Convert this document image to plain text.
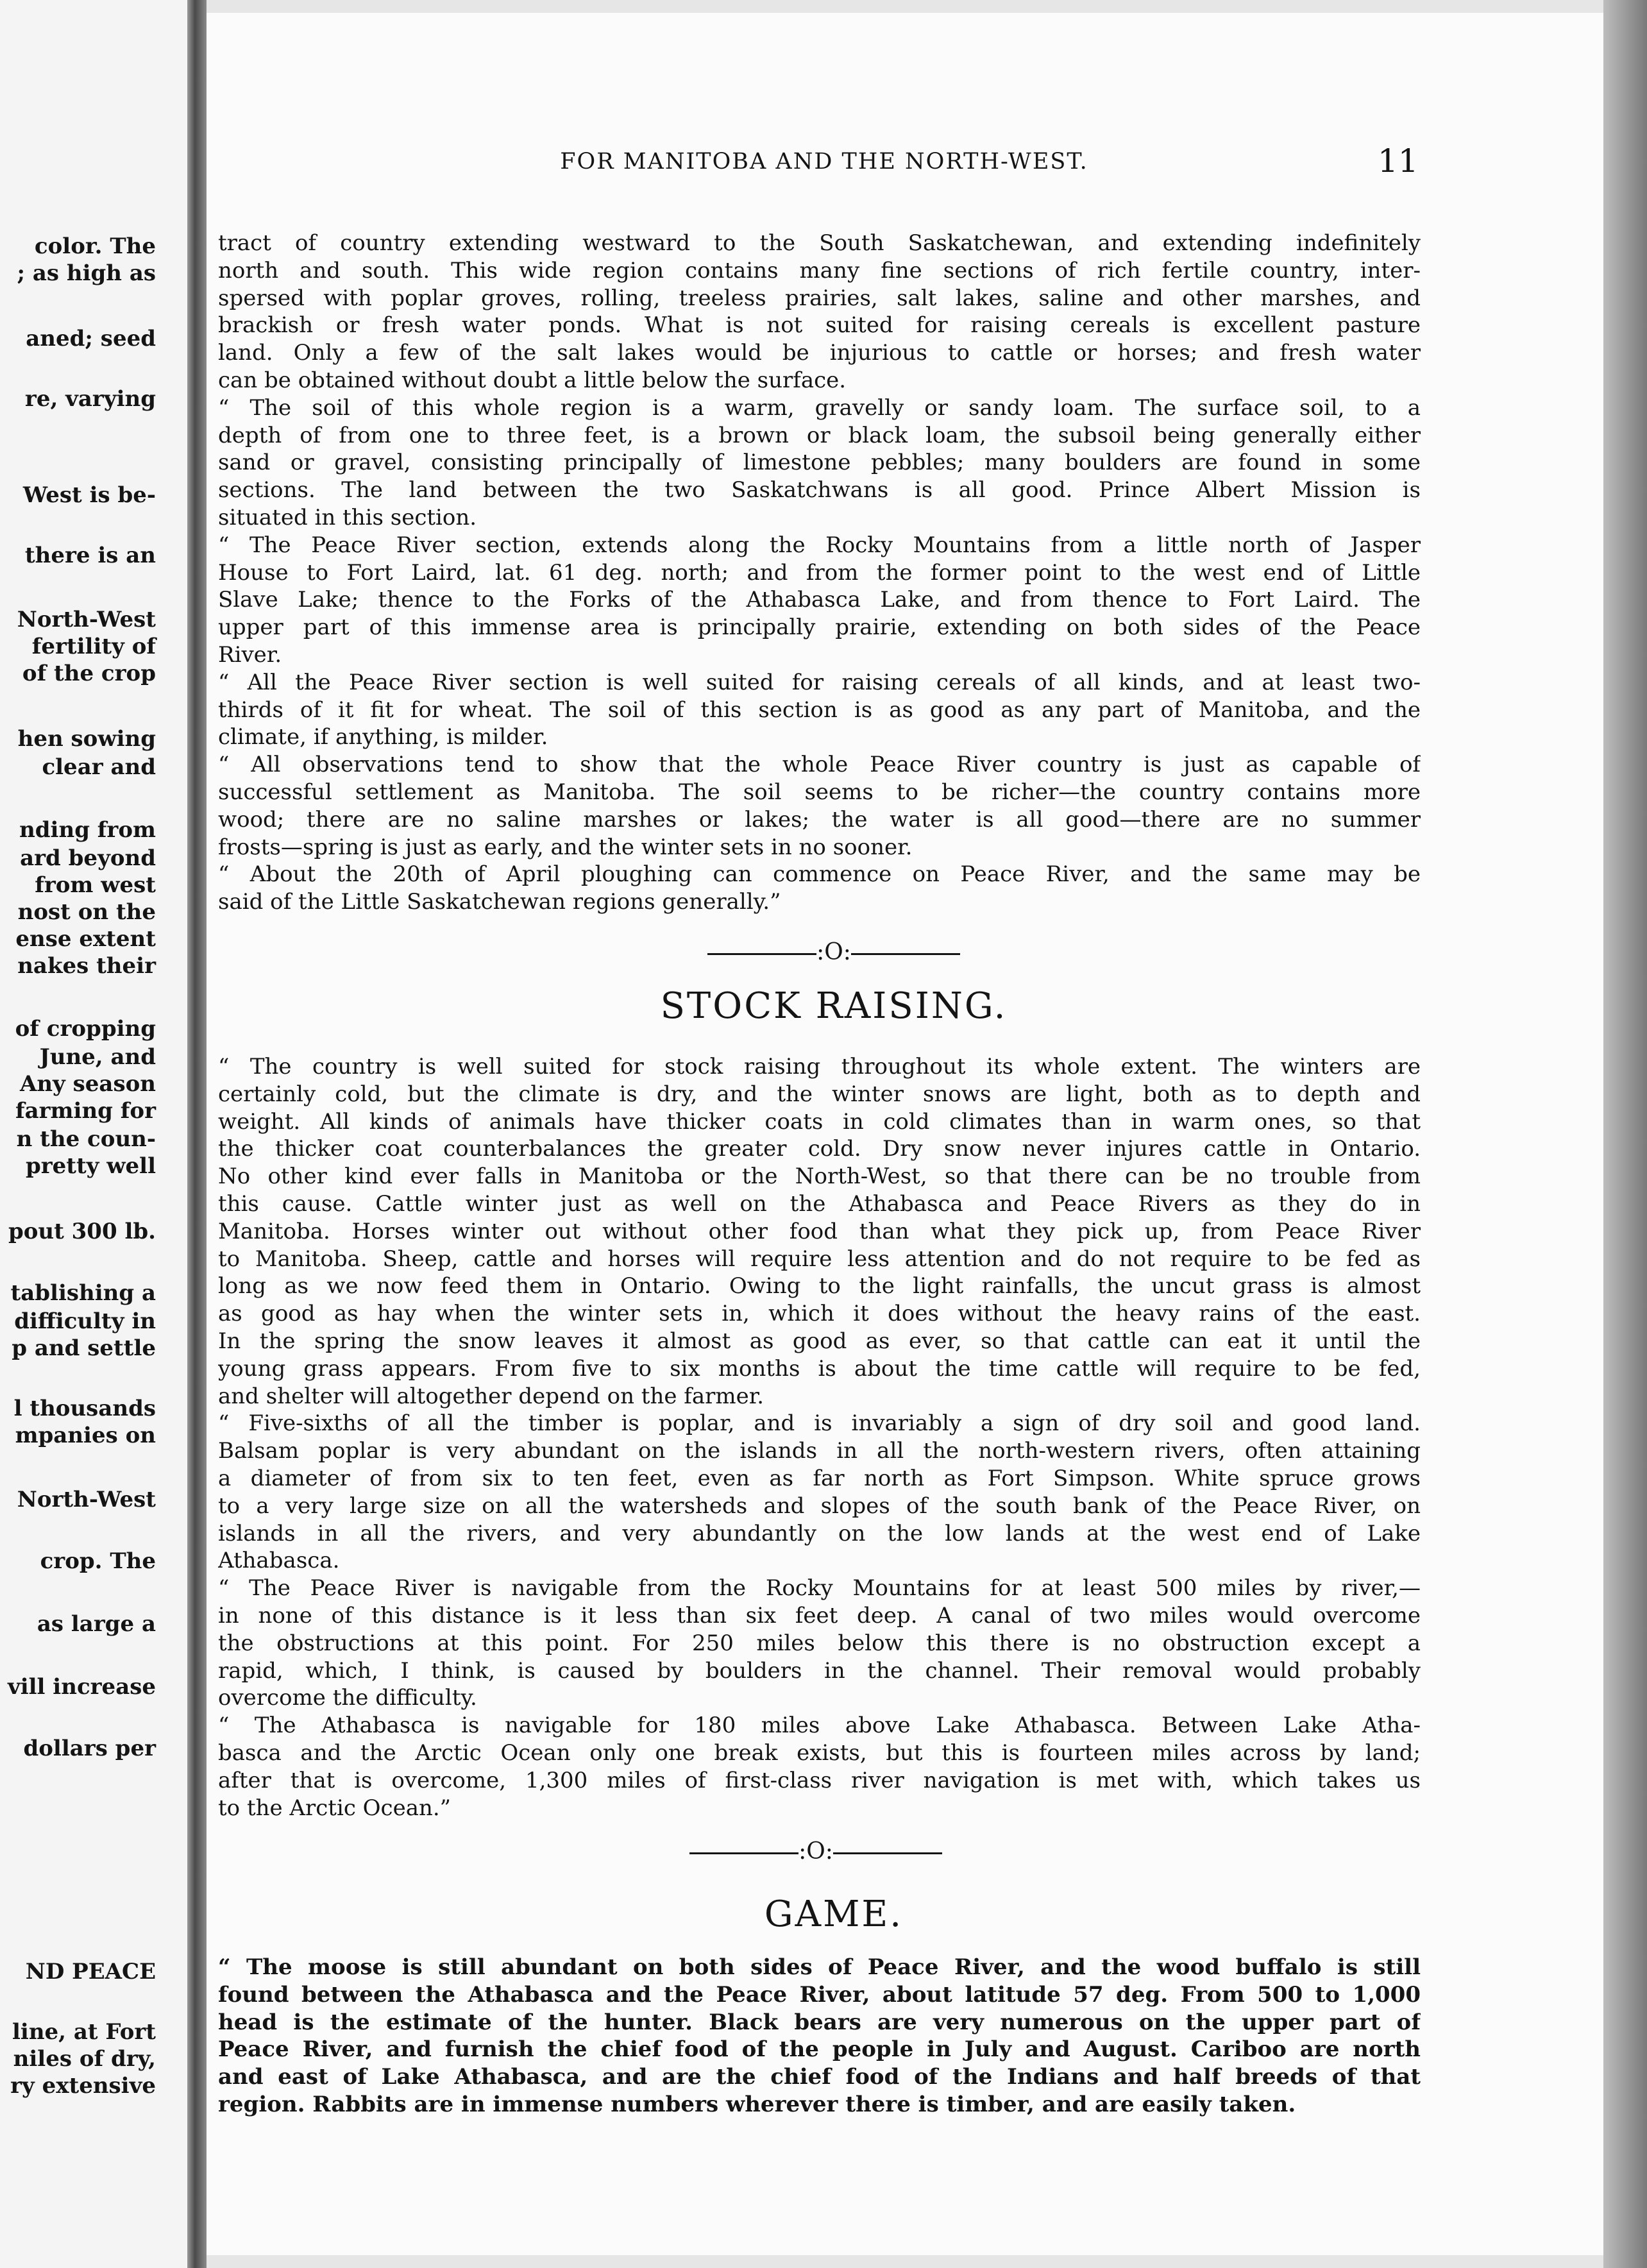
color. The
; as high as
aned; seed
re, varying
West is be-
there is an
North-West
fertility of
of the crop
hen sowing
clear and
nding from
ard beyond
from west
nost on the
ense extent
nakes their
of cropping
June, and
Any season
farming for
n the coun-
pretty well
pout 300 lb.
tablishing a
difficulty in
p and settle
l thousands
mpanies on
North-West
crop. The
as large a
vill increase
dollars per
ND PEACE
line, at Fort
niles of dry,
ry extensive
FOR MANITOBA AND THE NORTH-WEST.	11
tract of country extending westward to the South Saskatchewan, and extending indefinitely
north and south. This wide region contains many fine sections of rich fertile country, inter-
spersed with poplar groves, rolling, treeless prairies, salt lakes, saline and other marshes, and
brackish or fresh water ponds. What is not suited for raising cereals is excellent pasture
land. Only a few of the salt lakes would be injurious to cattle or horses; and fresh water
can be obtained without doubt a little below the surface.
“ The soil of this whole region is a warm, gravelly or sandy loam. The surface soil, to a
depth of from one to three feet, is a brown or black loam, the subsoil being generally either
sand or gravel, consisting principally of limestone pebbles; many boulders are found in some
sections. The land between the two Saskatchwans is all good. Prince Albert Mission is
situated in this section.
“ The Peace River section, extends along the Rocky Mountains from a little north of Jasper
House to Fort Laird, lat. 61 deg. north; and from the former point to the west end of Little
Slave Lake; thence to the Forks of the Athabasca Lake, and from thence to Fort Laird. The
upper part of this immense area is principally prairie, extending on both sides of the Peace
River.
“ All the Peace River section is well suited for raising cereals of all kinds, and at least two-
thirds of it fit for wheat. The soil of this section is as good as any part of Manitoba, and the
climate, if anything, is milder.
“ All observations tend to show that the whole Peace River country is just as capable of
successful settlement as Manitoba. The soil seems to be richer—the country contains more
wood; there are no saline marshes or lakes; the water is all good—there are no summer
frosts—spring is just as early, and the winter sets in no sooner.
“ About the 20th of April ploughing can commence on Peace River, and the same may be
said of the Little Saskatchewan regions generally.”
:O:
STOCK RAISING.
“ The country is well suited for stock raising throughout its whole extent. The winters are
certainly cold, but the climate is dry, and the winter snows are light, both as to depth and
weight. All kinds of animals have thicker coats in cold climates than in warm ones, so that
the thicker coat counterbalances the greater cold. Dry snow never injures cattle in Ontario.
No other kind ever falls in Manitoba or the North-West, so that there can be no trouble from
this cause. Cattle winter just as well on the Athabasca and Peace Rivers as they do in
Manitoba. Horses winter out without other food than what they pick up, from Peace River
to Manitoba. Sheep, cattle and horses will require less attention and do not require to be fed as
long as we now feed them in Ontario. Owing to the light rainfalls, the uncut grass is almost
as good as hay when the winter sets in, which it does without the heavy rains of the east.
In the spring the snow leaves it almost as good as ever, so that cattle can eat it until the
young grass appears. From five to six months is about the time cattle will require to be fed,
and shelter will altogether depend on the farmer.
“ Five-sixths of all the timber is poplar, and is invariably a sign of dry soil and good land.
Balsam poplar is very abundant on the islands in all the north-western rivers, often attaining
a diameter of from six to ten feet, even as far north as Fort Simpson. White spruce grows
to a very large size on all the watersheds and slopes of the south bank of the Peace River, on
islands in all the rivers, and very abundantly on the low lands at the west end of Lake
Athabasca.
“ The Peace River is navigable from the Rocky Mountains for at least 500 miles by river,—
in none of this distance is it less than six feet deep. A canal of two miles would overcome
the obstructions at this point. For 250 miles below this there is no obstruction except a
rapid, which, I think, is caused by boulders in the channel. Their removal would probably
overcome the difficulty.
“ The Athabasca is navigable for 180 miles above Lake Athabasca. Between Lake Atha-
basca and the Arctic Ocean only one break exists, but this is fourteen miles across by land;
after that is overcome, 1,300 miles of first-class river navigation is met with, which takes us
to the Arctic Ocean.”
:O:
GAME.
“ The moose is still abundant on both sides of Peace River, and the wood buffalo is still
found between the Athabasca and the Peace River, about latitude 57 deg. From 500 to 1,000
head is the estimate of the hunter. Black bears are very numerous on the upper part of
Peace River, and furnish the chief food of the people in July and August. Cariboo are north
and east of Lake Athabasca, and are the chief food of the Indians and half breeds of that
region. Rabbits are in immense numbers wherever there is timber, and are easily taken.
